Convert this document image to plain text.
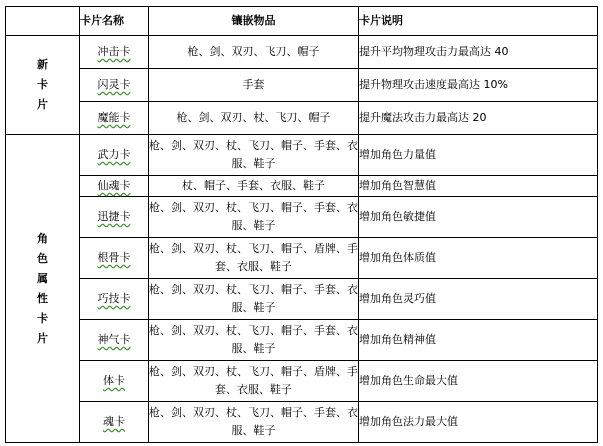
	卡片名称	镶嵌物品	卡片说明
新卡片	冲击卡	枪、剑、双刃、飞刀、帽子	提升平均物理攻击力最高达 40
	闪灵卡	手套	提升物理攻击速度最高达 10%
	魔能卡	枪、剑、双刃、杖、飞刀、帽子	提升魔法攻击力最高达 20
角色属性卡片	武力卡	枪、剑、双刃、杖、飞刀、帽子、手套、衣服、鞋子	增加角色力量值
	仙魂卡	杖、帽子、手套、衣服、鞋子	增加角色智慧值
	迅捷卡	枪、剑、双刃、杖、飞刀、帽子、手套、衣服、鞋子	增加角色敏捷值
	根骨卡	枪、剑、双刃、杖、飞刀、帽子、盾牌、手套、衣服、鞋子	增加角色体质值
	巧技卡	枪、剑、双刃、杖、飞刀、帽子、手套、衣服、鞋子	增加角色灵巧值
	神气卡	枪、剑、双刃、杖、飞刀、帽子、手套、衣服、鞋子	增加角色精神值
	体卡	枪、剑、双刃、杖、飞刀、帽子、盾牌、手套、衣服、鞋子	增加角色生命最大值
	魂卡	枪、剑、双刃、杖、飞刀、帽子、手套、衣服、鞋子	增加角色法力最大值
